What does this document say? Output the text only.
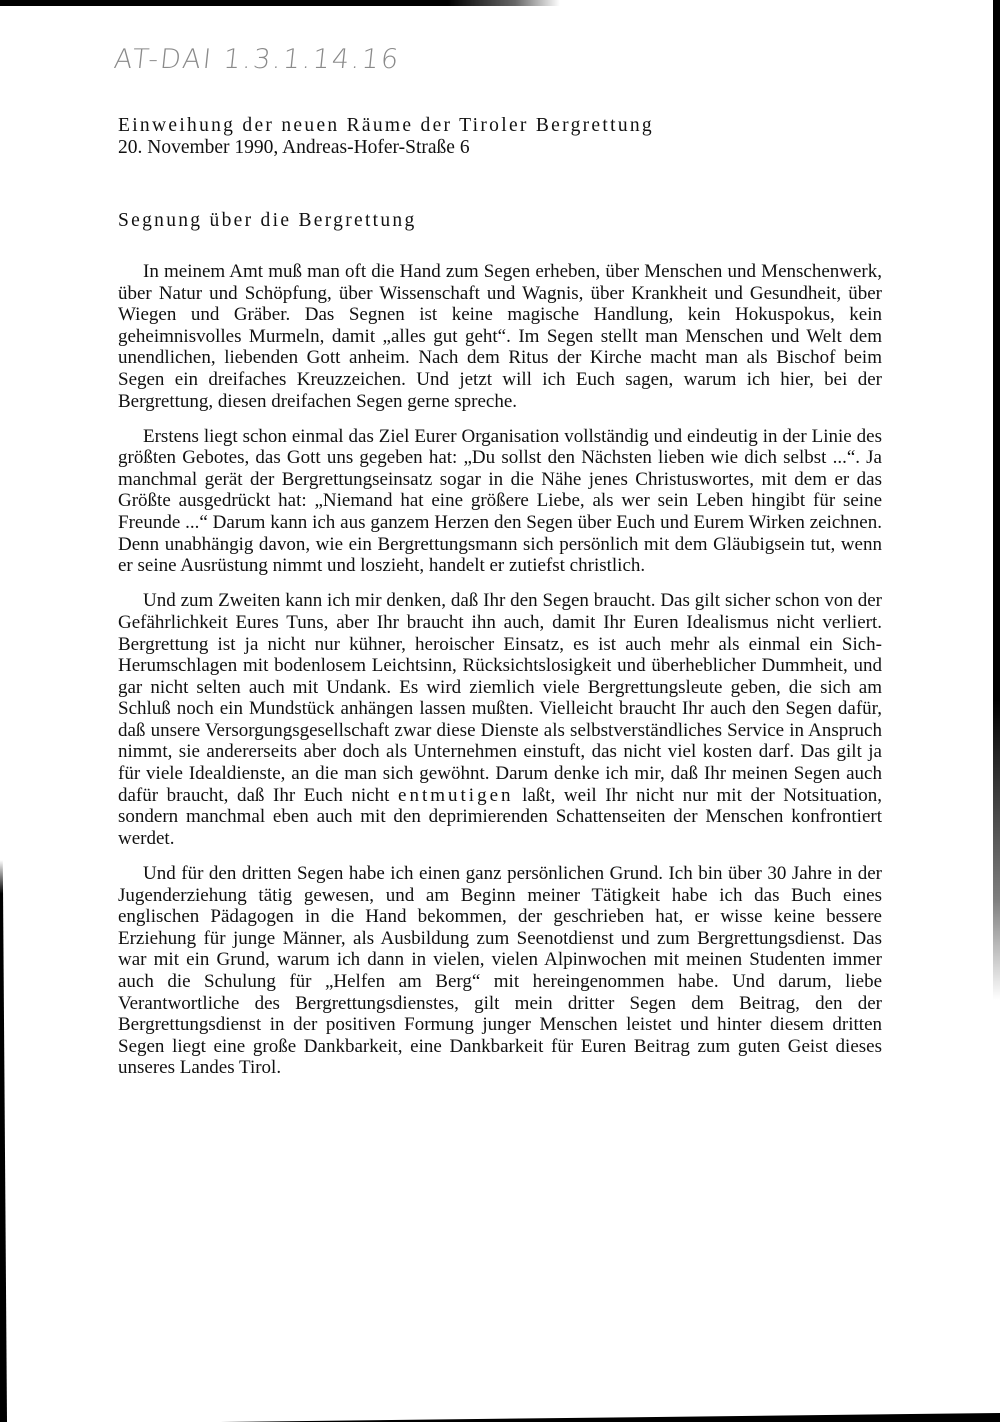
AT-DAI 1.3.1.14.16
Einweihung der neuen Räume der Tiroler Bergrettung

20. November 1990, Andreas-Hofer-Straße 6

Segnung über die Bergrettung

In meinem Amt muß man oft die Hand zum Segen erheben, über Menschen und Menschenwerk, über Natur und Schöpfung, über Wissenschaft und Wagnis, über Krankheit und Gesundheit, über Wiegen und Gräber. Das Segnen ist keine magische Handlung, kein Hokuspokus, kein geheimnisvolles Murmeln, damit „alles gut geht“. Im Segen stellt man Menschen und Welt dem unendlichen, liebenden Gott anheim. Nach dem Ritus der Kirche macht man als Bischof beim Segen ein dreifaches Kreuzzeichen. Und jetzt will ich Euch sagen, warum ich hier, bei der Bergrettung, diesen dreifachen Segen gerne spreche.

Erstens liegt schon einmal das Ziel Eurer Organisation vollständig und eindeutig in der Linie des größten Gebotes, das Gott uns gegeben hat: „Du sollst den Nächsten lieben wie dich selbst ...“. Ja manchmal gerät der Bergrettungseinsatz sogar in die Nähe jenes Christuswortes, mit dem er das Größte ausgedrückt hat: „Niemand hat eine größere Liebe, als wer sein Leben hingibt für seine Freunde ...“ Darum kann ich aus ganzem Herzen den Segen über Euch und Eurem Wirken zeichnen. Denn unabhängig davon, wie ein Bergrettungsmann sich persönlich mit dem Gläubigsein tut, wenn er seine Ausrüstung nimmt und loszieht, handelt er zutiefst christlich.

Und zum Zweiten kann ich mir denken, daß Ihr den Segen braucht. Das gilt sicher schon von der Gefährlichkeit Eures Tuns, aber Ihr braucht ihn auch, damit Ihr Euren Idealismus nicht verliert. Bergrettung ist ja nicht nur kühner, heroischer Einsatz, es ist auch mehr als einmal ein Sich-Herumschlagen mit bodenlosem Leichtsinn, Rücksichtslosigkeit und überheblicher Dummheit, und gar nicht selten auch mit Undank. Es wird ziemlich viele Bergrettungsleute geben, die sich am Schluß noch ein Mundstück anhängen lassen mußten. Vielleicht braucht Ihr auch den Segen dafür, daß unsere Versorgungsgesellschaft zwar diese Dienste als selbstverständliches Service in Anspruch nimmt, sie andererseits aber doch als Unternehmen einstuft, das nicht viel kosten darf. Das gilt ja für viele Idealdienste, an die man sich gewöhnt. Darum denke ich mir, daß Ihr meinen Segen auch dafür braucht, daß Ihr Euch nicht entmutigen laßt, weil Ihr nicht nur mit der Notsituation, sondern manchmal eben auch mit den deprimierenden Schattenseiten der Menschen konfrontiert werdet.

Und für den dritten Segen habe ich einen ganz persönlichen Grund. Ich bin über 30 Jahre in der Jugenderziehung tätig gewesen, und am Beginn meiner Tätigkeit habe ich das Buch eines englischen Pädagogen in die Hand bekommen, der geschrieben hat, er wisse keine bessere Erziehung für junge Männer, als Ausbildung zum Seenotdienst und zum Bergrettungsdienst. Das war mit ein Grund, warum ich dann in vielen, vielen Alpinwochen mit meinen Studenten immer auch die Schulung für „Helfen am Berg“ mit hereingenommen habe. Und darum, liebe Verantwortliche des Bergrettungsdienstes, gilt mein dritter Segen dem Beitrag, den der Bergrettungsdienst in der positiven Formung junger Menschen leistet und hinter diesem dritten Segen liegt eine große Dankbarkeit, eine Dankbarkeit für Euren Beitrag zum guten Geist dieses unseres Landes Tirol.
